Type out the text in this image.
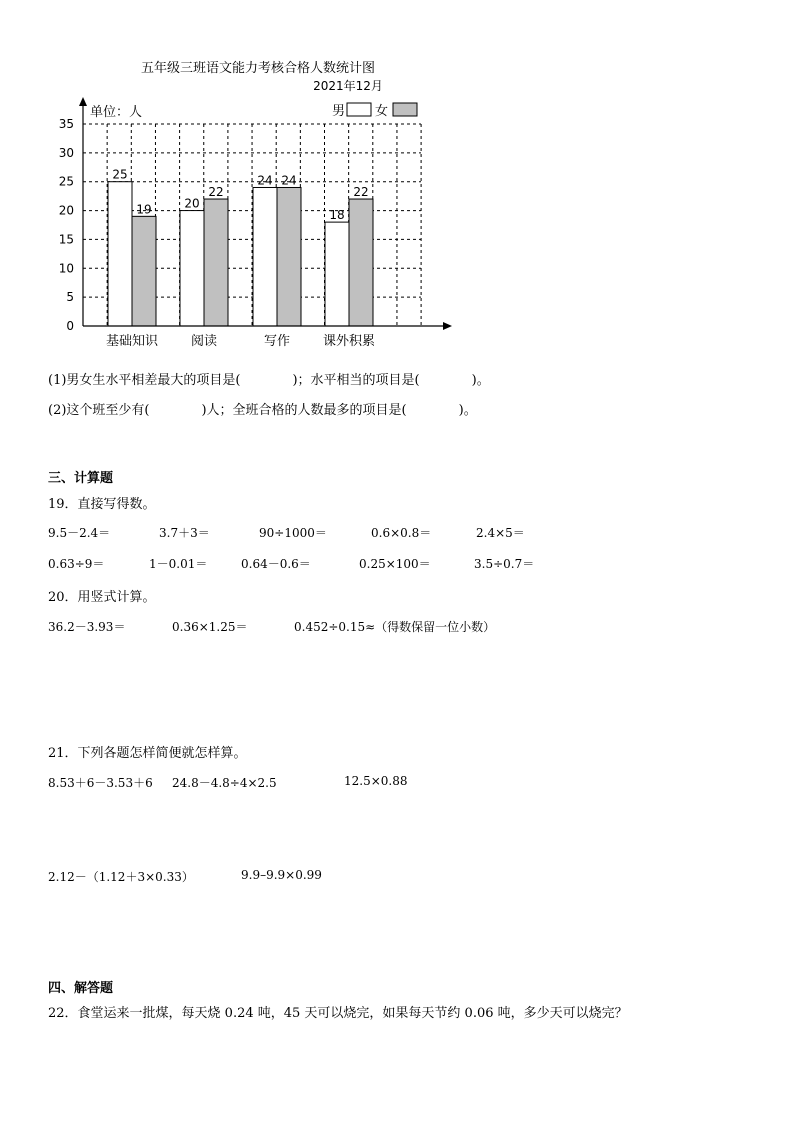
五年级三班语文能力考核合格人数统计图
2021年12月
单位：人	男 女
25
19	20
22
24 24
18
22
0
5
10
15
20
25
30
35
基础知识	阅读	写作	课外积累
(1)男女生水平相差最大的项目是(　　　　)；水平相当的项目是(　　　　)。
(2)这个班至少有(　　　　)人；全班合格的人数最多的项目是(　　　　)。
三、计算题
19．直接写得数。
9.5－2.4＝	3.7＋3＝	90÷1000＝	0.6×0.8＝	2.4×5＝
0.63÷9＝	1－0.01＝	0.64－0.6＝	0.25×100＝	3.5÷0.7＝
20．用竖式计算。
36.2－3.93＝	0.36×1.25＝	0.452÷0.15≈（得数保留一位小数）
21．下列各题怎样简便就怎样算。
8.53＋6－3.53＋6 24.8－4.8÷4×2.5	12.5×0.88
2.12－（1.12＋3×0.33）	9.9–9.9×0.99
四、解答题
22．食堂运来一批煤，每天烧 0.24 吨，45 天可以烧完，如果每天节约 0.06 吨，多少天可以烧完？
